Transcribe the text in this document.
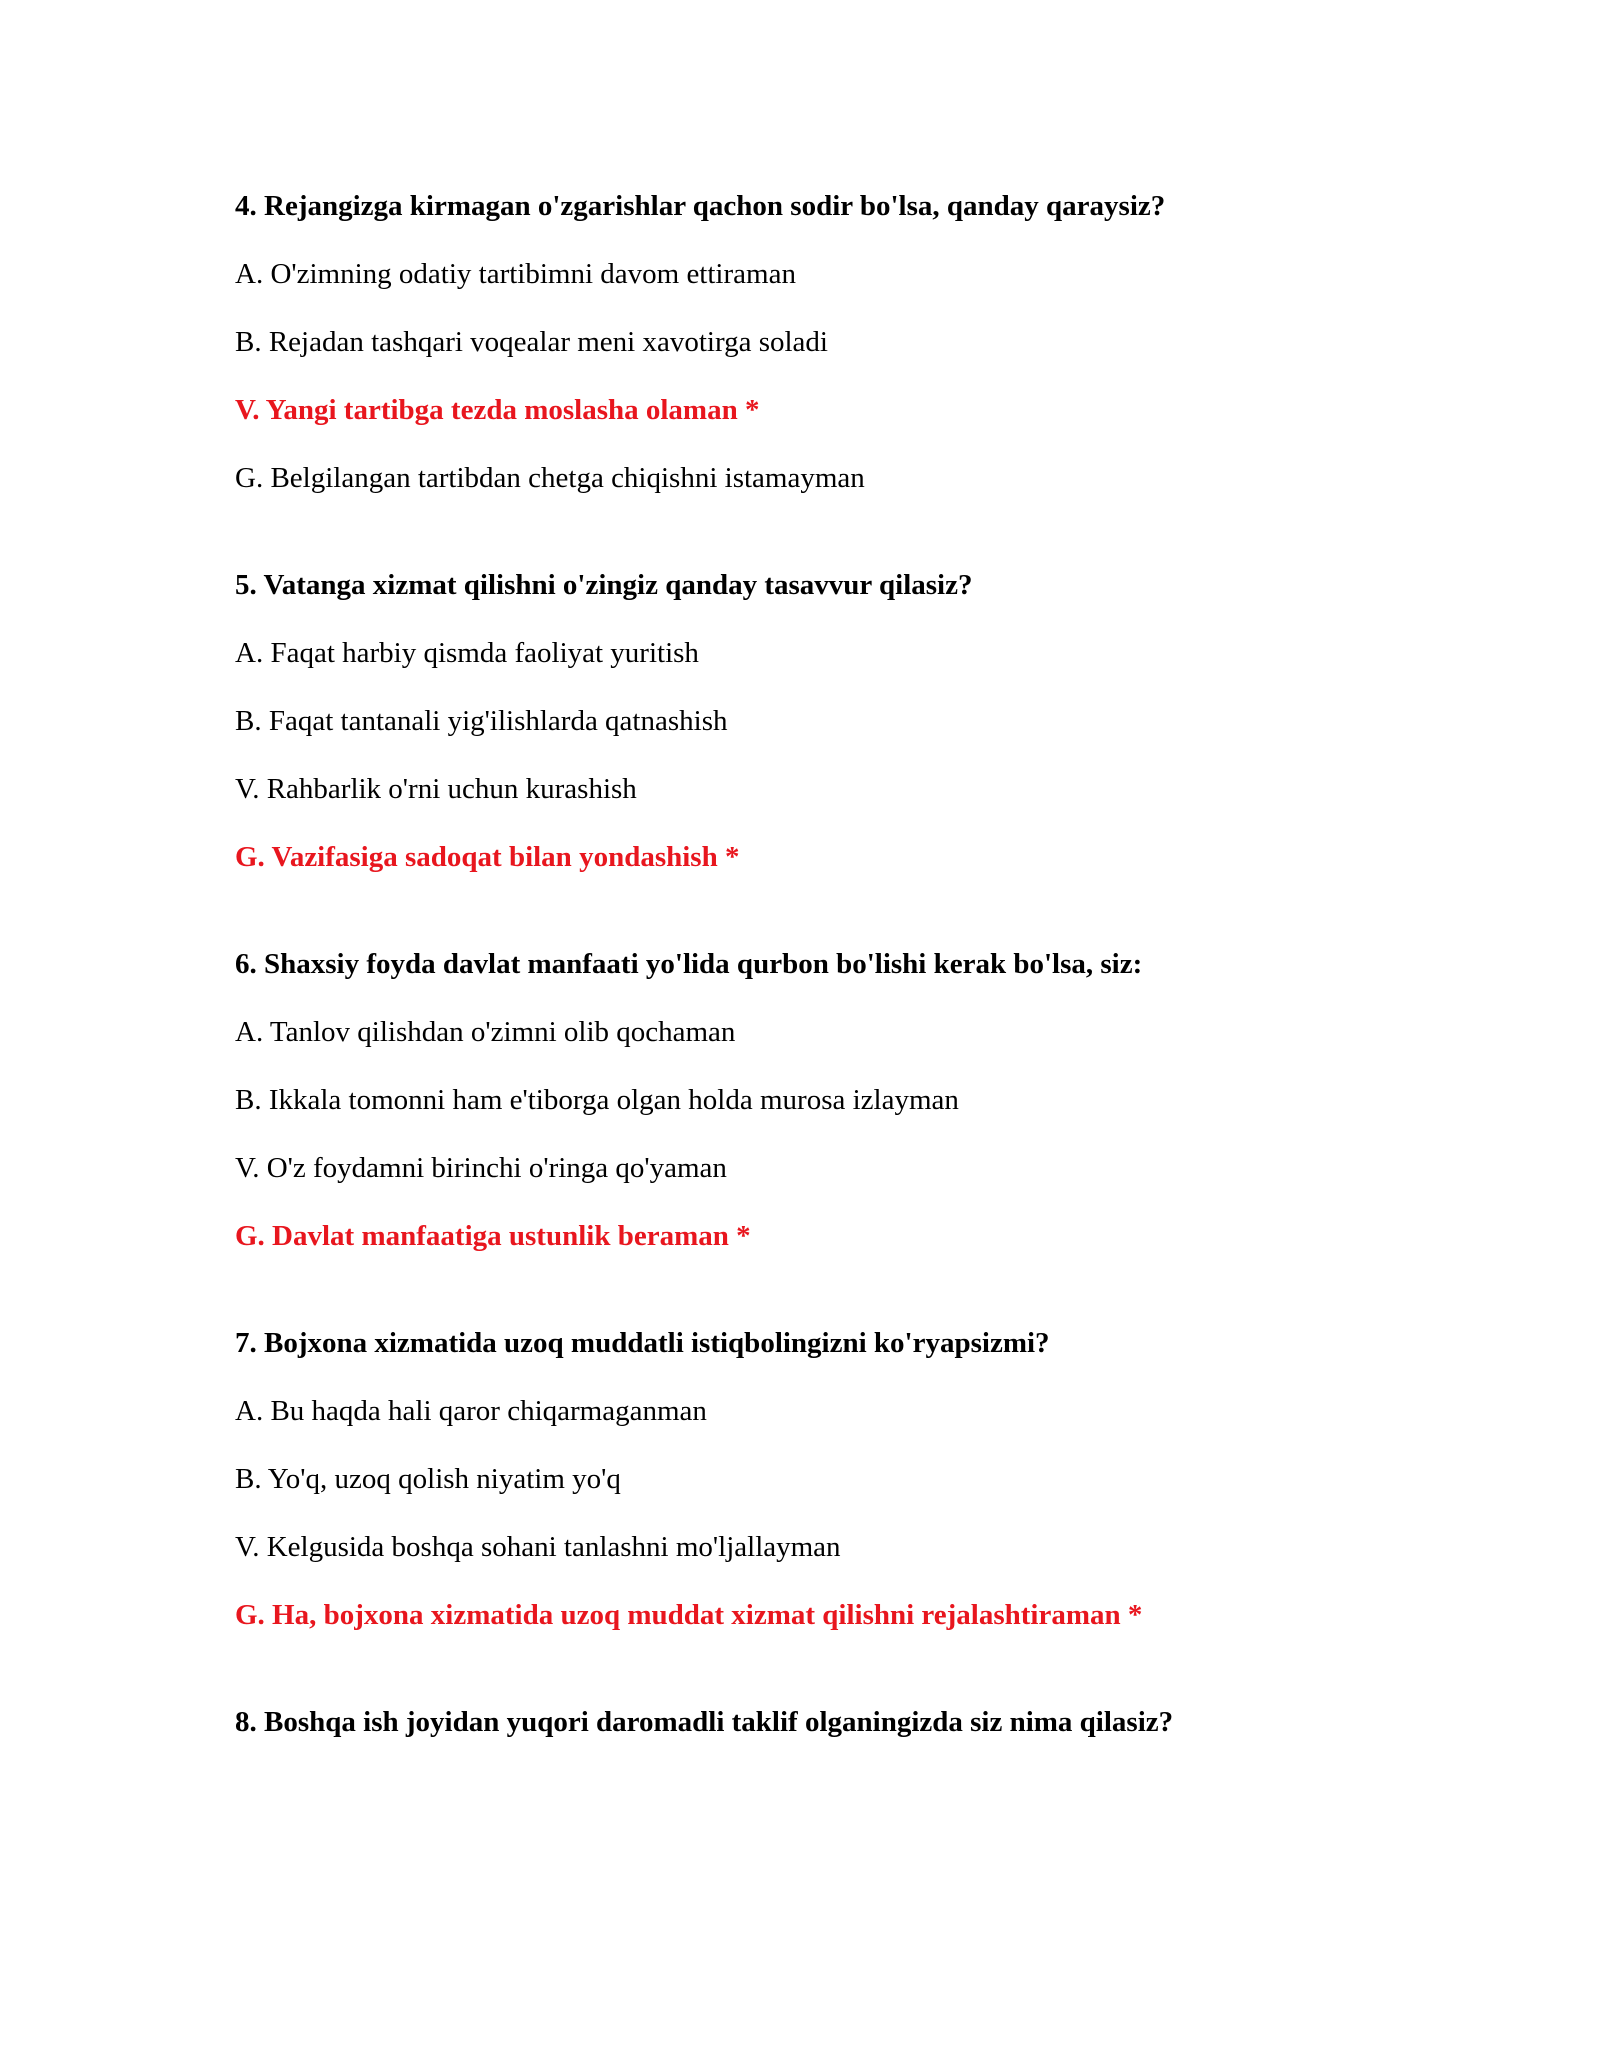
4. Rejangizga kirmagan o'zgarishlar qachon sodir bo'lsa, qanday qaraysiz?
A. O'zimning odatiy tartibimni davom ettiraman
B. Rejadan tashqari voqealar meni xavotirga soladi
V. Yangi tartibga tezda moslasha olaman *
G. Belgilangan tartibdan chetga chiqishni istamayman
5. Vatanga xizmat qilishni o'zingiz qanday tasavvur qilasiz?
A. Faqat harbiy qismda faoliyat yuritish
B. Faqat tantanali yig'ilishlarda qatnashish
V. Rahbarlik o'rni uchun kurashish
G. Vazifasiga sadoqat bilan yondashish *
6. Shaxsiy foyda davlat manfaati yo'lida qurbon bo'lishi kerak bo'lsa, siz:
A. Tanlov qilishdan o'zimni olib qochaman
B. Ikkala tomonni ham e'tiborga olgan holda murosa izlayman
V. O'z foydamni birinchi o'ringa qo'yaman
G. Davlat manfaatiga ustunlik beraman *
7. Bojxona xizmatida uzoq muddatli istiqbolingizni ko'ryapsizmi?
A. Bu haqda hali qaror chiqarmaganman
B. Yo'q, uzoq qolish niyatim yo'q
V. Kelgusida boshqa sohani tanlashni mo'ljallayman
G. Ha, bojxona xizmatida uzoq muddat xizmat qilishni rejalashtiraman *
8. Boshqa ish joyidan yuqori daromadli taklif olganingizda siz nima qilasiz?
